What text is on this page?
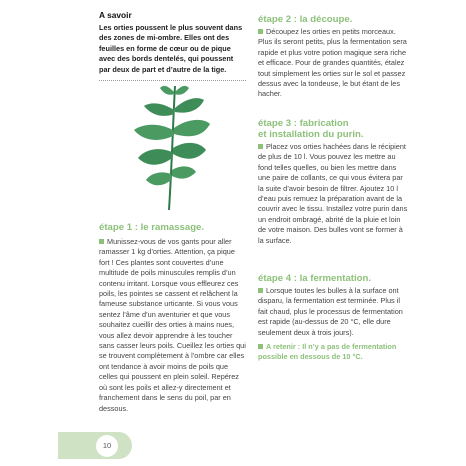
A savoir

Les orties poussent le plus souvent dans des zones de mi-ombre. Elles ont des feuilles en forme de cœur ou de pique avec des bords dentelés, qui poussent par deux de part et d’autre de la tige.

étape 1 : le ramassage.

Munissez-vous de vos gants pour aller ramasser 1 kg d’orties. Attention, ça pique fort ! Ces plantes sont couvertes d’une multitude de poils minuscules remplis d’un contenu irritant. Lorsque vous effleurez ces poils, les pointes se cassent et relâchent la fameuse substance urticante. Si vous vous sentez l’âme d’un aventurier et que vous souhaitez cueillir des orties à mains nues, vous allez devoir apprendre à les toucher sans casser leurs poils. Cueillez les orties qui se trouvent complètement à l’ombre car elles ont tendance à avoir moins de poils que celles qui poussent en plein soleil. Repérez où sont les poils et allez-y directement et franchement dans le sens du poil, par en dessous.

étape 2 : la découpe.

Découpez les orties en petits morceaux. Plus ils seront petits, plus la fermentation sera rapide et plus votre potion magique sera riche et efficace. Pour de grandes quantités, étalez tout simplement les orties sur le sol et passez dessus avec la tondeuse, le but étant de les hacher.

étape 3 : fabrication

et installation du purin.

Placez vos orties hachées dans le récipient de plus de 10 l. Vous pouvez les mettre au fond telles quelles, ou bien les mettre dans une paire de collants, ce qui vous évitera par la suite d’avoir besoin de filtrer. Ajoutez 10 l d’eau puis remuez la préparation avant de la couvrir avec le tissu. Installez votre purin dans un endroit ombragé, abrité de la pluie et loin de votre maison. Des bulles vont se former à la surface.

étape 4 : la fermentation.

Lorsque toutes les bulles à la surface ont disparu, la fermentation est terminée. Plus il fait chaud, plus le processus de fermentation est rapide (au-dessus de 20 °C, elle dure seulement deux à trois jours).

A retenir : Il n’y a pas de fermentation possible en dessous de 10 °C.

10
